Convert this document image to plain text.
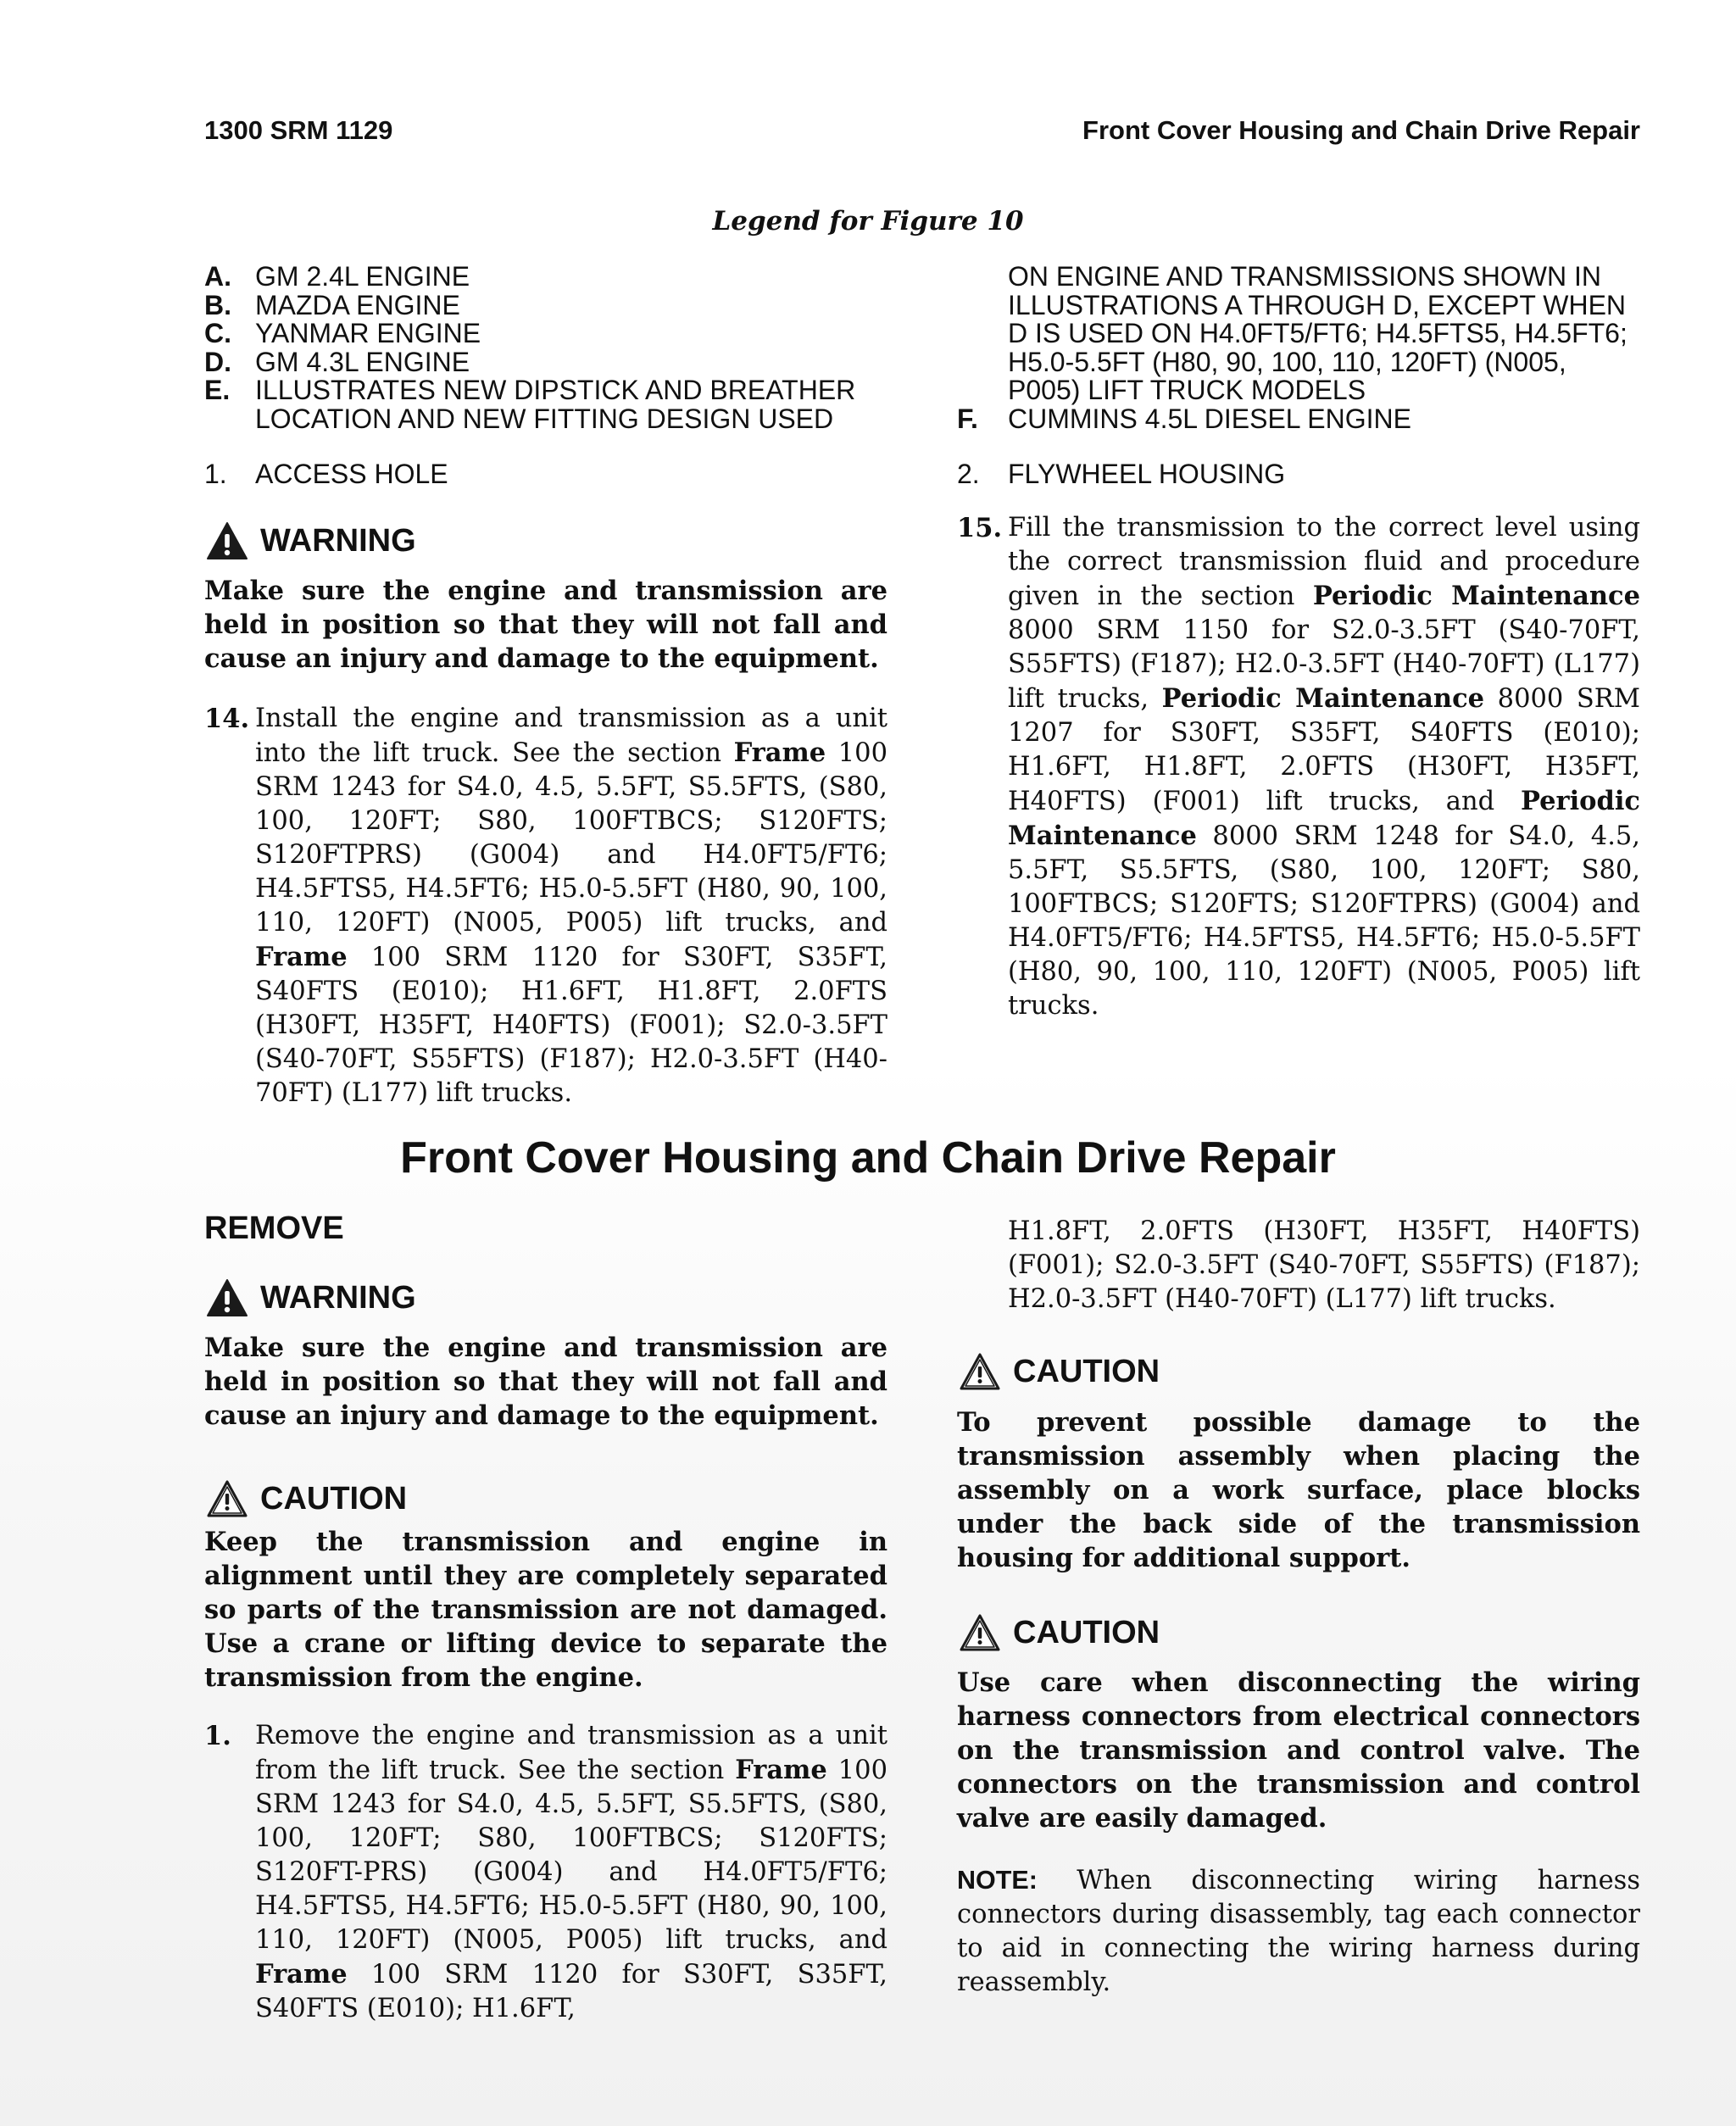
1300 SRM 1129	Front Cover Housing and Chain Drive Repair
Legend for Figure 10
A. GM 2.4L ENGINE
B. MAZDA ENGINE
C. YANMAR ENGINE
D. GM 4.3L ENGINE
E. ILLUSTRATES NEW DIPSTICK AND BREATHER LOCATION AND NEW FITTING DESIGN USED
ON ENGINE AND TRANSMISSIONS SHOWN IN ILLUSTRATIONS A THROUGH D, EXCEPT WHEN D IS USED ON H4.0FT5/FT6; H4.5FTS5, H4.5FT6; H5.0-5.5FT (H80, 90, 100, 110, 120FT) (N005, P005) LIFT TRUCK MODELS
F.	CUMMINS 4.5L DIESEL ENGINE
1.	ACCESS HOLE	2.	FLYWHEEL HOUSING
WARNING
Make sure the engine and transmission are held in position so that they will not fall and cause an injury and damage to the equipment.
14. Install the engine and transmission as a unit into the lift truck. See the section Frame 100 SRM 1243 for S4.0, 4.5, 5.5FT, S5.5FTS, (S80, 100, 120FT; S80, 100FTBCS; S120FTS; S120FTPRS) (G004) and H4.0FT5/FT6; H4.5FTS5, H4.5FT6; H5.0-5.5FT (H80, 90, 100, 110, 120FT) (N005, P005) lift trucks, and Frame 100 SRM 1120 for S30FT, S35FT, S40FTS (E010); H1.6FT, H1.8FT, 2.0FTS (H30FT, H35FT, H40FTS) (F001); S2.0-3.5FT (S40-70FT, S55FTS) (F187); H2.0-3.5FT (H40-70FT) (L177) lift trucks.
15. Fill the transmission to the correct level using the correct transmission fluid and procedure given in the section Periodic Maintenance 8000 SRM 1150 for S2.0-3.5FT (S40-70FT, S55FTS) (F187); H2.0-3.5FT (H40-70FT) (L177) lift trucks, Periodic Maintenance 8000 SRM 1207 for S30FT, S35FT, S40FTS (E010); H1.6FT, H1.8FT, 2.0FTS (H30FT, H35FT, H40FTS) (F001) lift trucks, and Periodic Maintenance 8000 SRM 1248 for S4.0, 4.5, 5.5FT, S5.5FTS, (S80, 100, 120FT; S80, 100FTBCS; S120FTS; S120FTPRS) (G004) and H4.0FT5/FT6; H4.5FTS5, H4.5FT6; H5.0-5.5FT (H80, 90, 100, 110, 120FT) (N005, P005) lift trucks.
Front Cover Housing and Chain Drive Repair
REMOVE
WARNING
Make sure the engine and transmission are held in position so that they will not fall and cause an injury and damage to the equipment.
CAUTION
Keep the transmission and engine in alignment until they are completely separated so parts of the transmission are not damaged. Use a crane or lifting device to separate the transmission from the engine.
1. Remove the engine and transmission as a unit from the lift truck. See the section Frame 100 SRM 1243 for S4.0, 4.5, 5.5FT, S5.5FTS, (S80, 100, 120FT; S80, 100FTBCS; S120FTS; S120FT-PRS) (G004) and H4.0FT5/FT6; H4.5FTS5, H4.5FT6; H5.0-5.5FT (H80, 90, 100, 110, 120FT) (N005, P005) lift trucks, and Frame 100 SRM 1120 for S30FT, S35FT, S40FTS (E010); H1.6FT,
H1.8FT, 2.0FTS (H30FT, H35FT, H40FTS) (F001); S2.0-3.5FT (S40-70FT, S55FTS) (F187); H2.0-3.5FT (H40-70FT) (L177) lift trucks.
CAUTION
To prevent possible damage to the transmission assembly when placing the assembly on a work surface, place blocks under the back side of the transmission housing for additional support.
CAUTION
Use care when disconnecting the wiring harness connectors from electrical connectors on the transmission and control valve. The connectors on the transmission and control valve are easily damaged.
NOTE: When disconnecting wiring harness connectors during disassembly, tag each connector to aid in connecting the wiring harness during reassembly.
